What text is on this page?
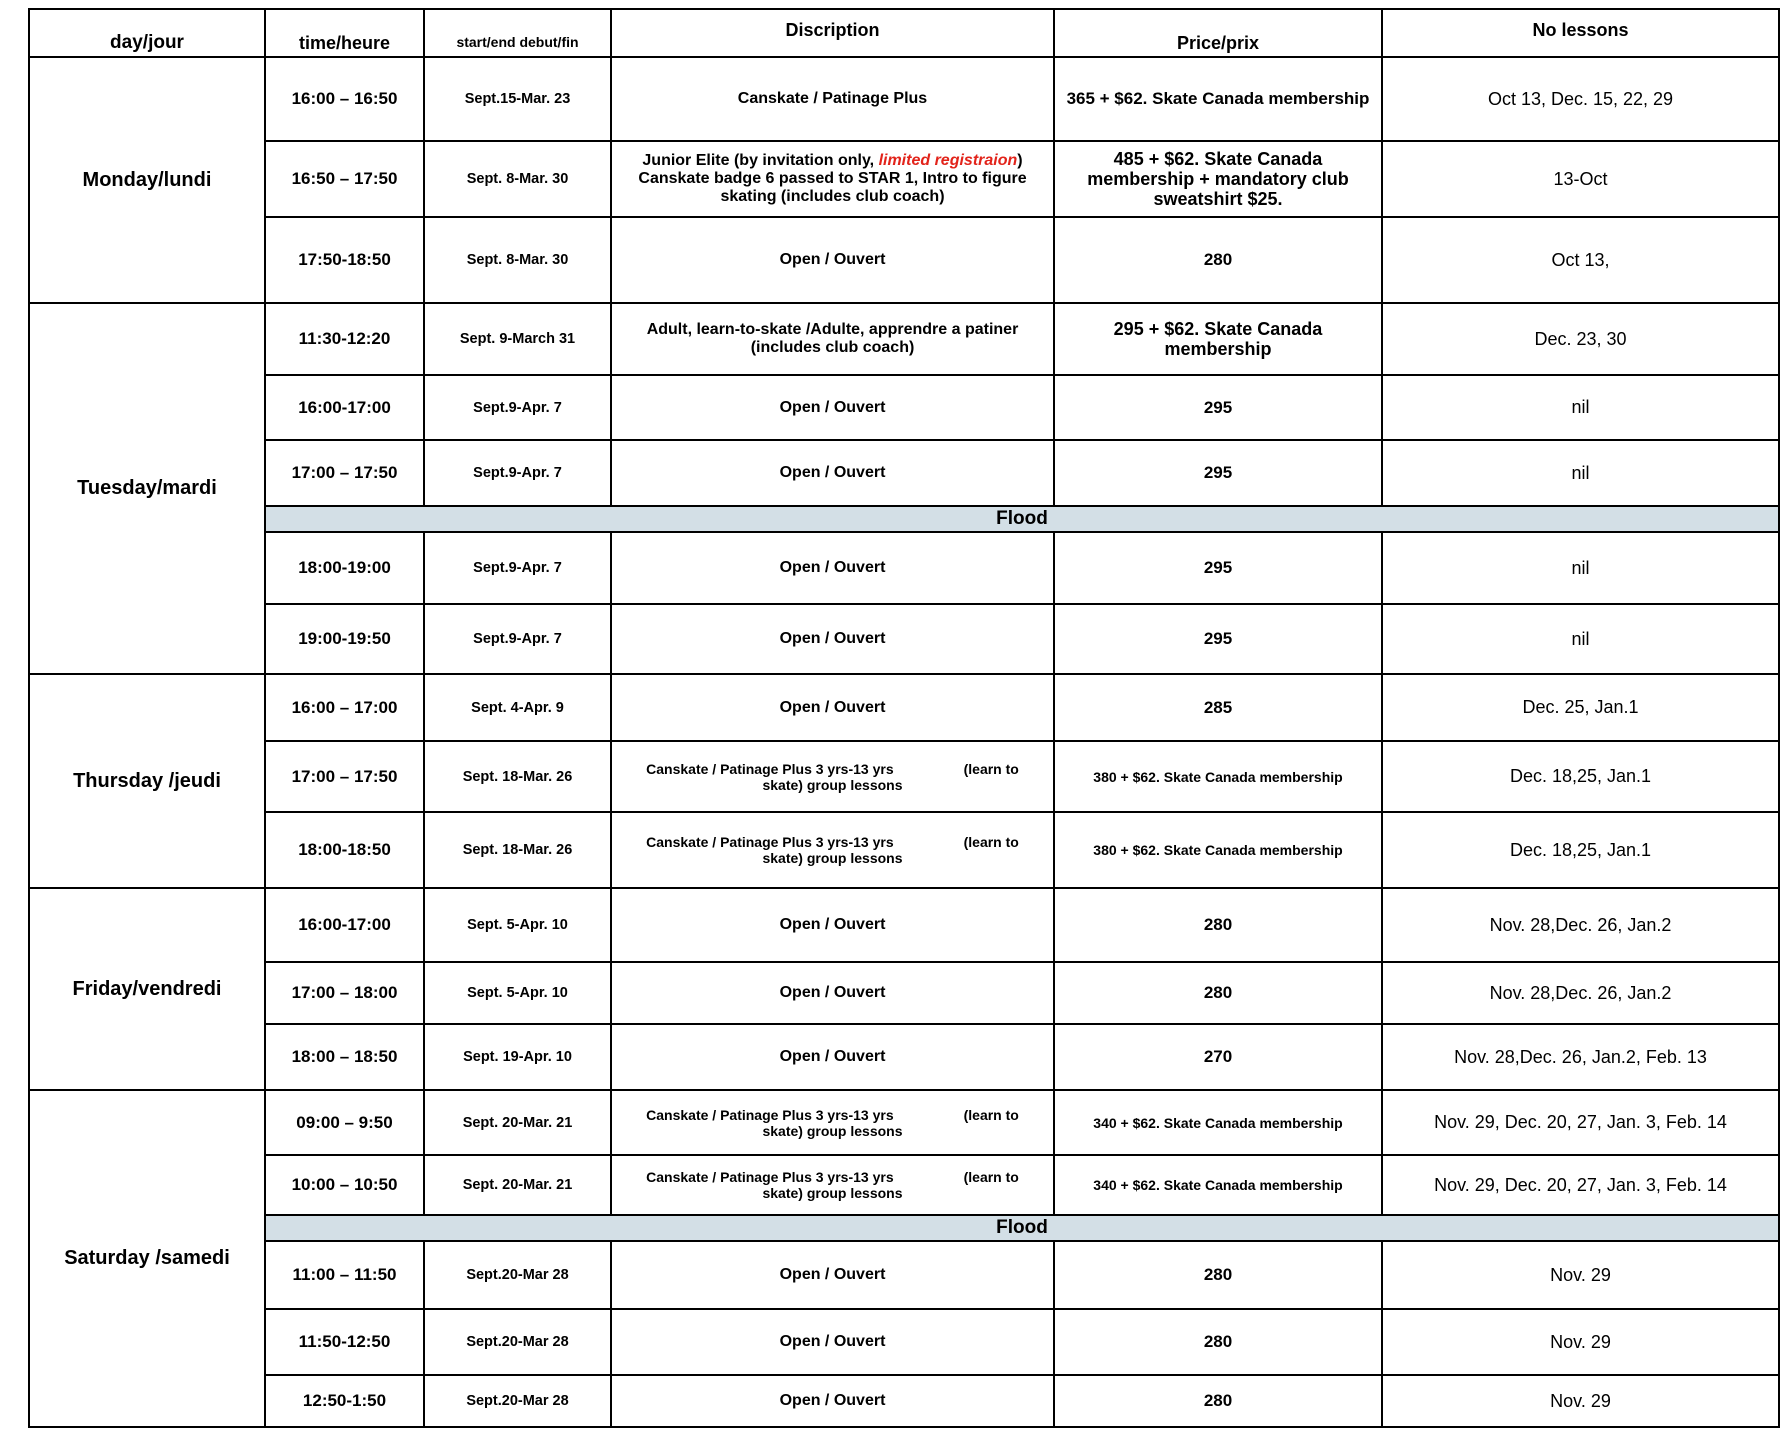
day/jour	time/heure	start/end debut/fin	Discription	Price/prix	No lessons
Monday/lundi	16:00 – 16:50	Sept.15-Mar. 23	Canskate / Patinage Plus	365 + $62. Skate Canada membership	Oct 13, Dec. 15, 22, 29
	16:50 – 17:50	Sept. 8-Mar. 30	Junior Elite (by invitation only, limited registraion)
Canskate badge 6 passed to STAR 1, Intro to figure
skating (includes club coach)	485 + $62. Skate Canada
membership + mandatory club
sweatshirt $25.	13-Oct
	17:50-18:50	Sept. 8-Mar. 30	Open / Ouvert	280	Oct 13,
Tuesday/mardi	11:30-12:20	Sept. 9-March 31	Adult, learn-to-skate /Adulte, apprendre a patiner
(includes club coach)	295 + $62. Skate Canada
membership	Dec. 23, 30
	16:00-17:00	Sept.9-Apr. 7	Open / Ouvert	295	nil
	17:00 – 17:50	Sept.9-Apr. 7	Open / Ouvert	295	nil
	Flood				
	18:00-19:00	Sept.9-Apr. 7	Open / Ouvert	295	nil
	19:00-19:50	Sept.9-Apr. 7	Open / Ouvert	295	nil
Thursday /jeudi	16:00 – 17:00	Sept. 4-Apr. 9	Open / Ouvert	285	Dec. 25, Jan.1
	17:00 – 17:50	Sept. 18-Mar. 26	Canskate / Patinage Plus 3 yrs-13 yrs (learn to
skate) group lessons	380 + $62. Skate Canada membership	Dec. 18,25, Jan.1
	18:00-18:50	Sept. 18-Mar. 26	Canskate / Patinage Plus 3 yrs-13 yrs (learn to
skate) group lessons	380 + $62. Skate Canada membership	Dec. 18,25, Jan.1
Friday/vendredi	16:00-17:00	Sept. 5-Apr. 10	Open / Ouvert	280	Nov. 28,Dec. 26, Jan.2
	17:00 – 18:00	Sept. 5-Apr. 10	Open / Ouvert	280	Nov. 28,Dec. 26, Jan.2
	18:00 – 18:50	Sept. 19-Apr. 10	Open / Ouvert	270	Nov. 28,Dec. 26, Jan.2, Feb. 13
Saturday /samedi	09:00 – 9:50	Sept. 20-Mar. 21	Canskate / Patinage Plus 3 yrs-13 yrs (learn to
skate) group lessons	340 + $62. Skate Canada membership	Nov. 29, Dec. 20, 27, Jan. 3, Feb. 14
	10:00 – 10:50	Sept. 20-Mar. 21	Canskate / Patinage Plus 3 yrs-13 yrs (learn to
skate) group lessons	340 + $62. Skate Canada membership	Nov. 29, Dec. 20, 27, Jan. 3, Feb. 14
	Flood				
	11:00 – 11:50	Sept.20-Mar 28	Open / Ouvert	280	Nov. 29
	11:50-12:50	Sept.20-Mar 28	Open / Ouvert	280	Nov. 29
	12:50-1:50	Sept.20-Mar 28	Open / Ouvert	280	Nov. 29
